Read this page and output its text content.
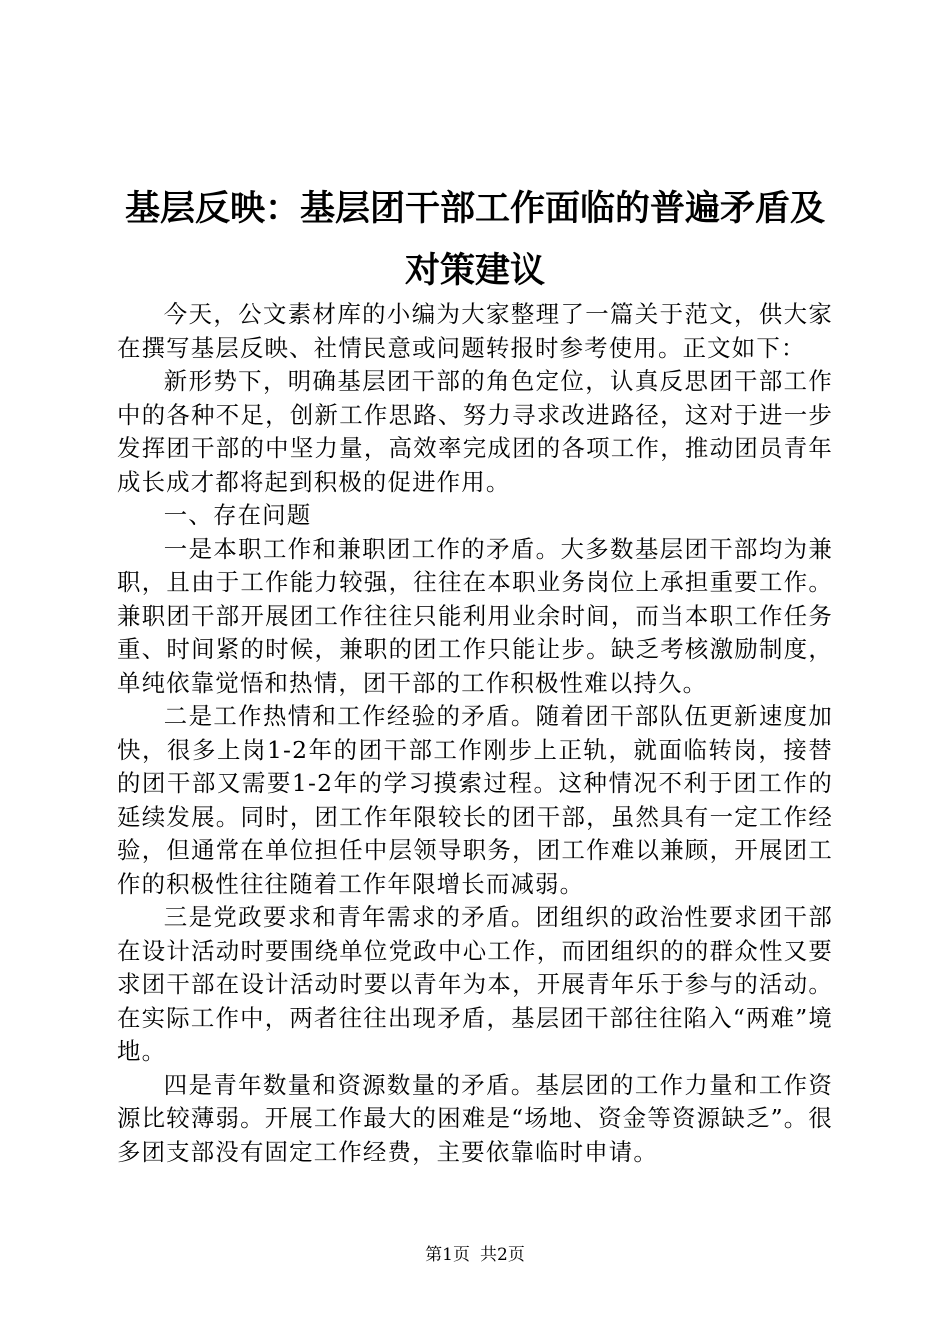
基层反映：基层团干部工作面临的普遍矛盾及对策建议

今天，公文素材库的小编为大家整理了一篇关于范文，供大家在撰写基层反映、社情民意或问题转报时参考使用。正文如下：

新形势下，明确基层团干部的角色定位，认真反思团干部工作中的各种不足，创新工作思路、努力寻求改进路径，这对于进一步发挥团干部的中坚力量，高效率完成团的各项工作，推动团员青年成长成才都将起到积极的促进作用。

一、存在问题

一是本职工作和兼职团工作的矛盾。大多数基层团干部均为兼职，且由于工作能力较强，往往在本职业务岗位上承担重要工作。兼职团干部开展团工作往往只能利用业余时间，而当本职工作任务重、时间紧的时候，兼职的团工作只能让步。缺乏考核激励制度，单纯依靠觉悟和热情，团干部的工作积极性难以持久。

二是工作热情和工作经验的矛盾。随着团干部队伍更新速度加快，很多上岗1-2年的团干部工作刚步上正轨，就面临转岗，接替的团干部又需要1-2年的学习摸索过程。这种情况不利于团工作的延续发展。同时，团工作年限较长的团干部，虽然具有一定工作经验，但通常在单位担任中层领导职务，团工作难以兼顾，开展团工作的积极性往往随着工作年限增长而减弱。

三是党政要求和青年需求的矛盾。团组织的政治性要求团干部在设计活动时要围绕单位党政中心工作，而团组织的的群众性又要求团干部在设计活动时要以青年为本，开展青年乐于参与的活动。在实际工作中，两者往往出现矛盾，基层团干部往往陷入“两难”境地。

四是青年数量和资源数量的矛盾。基层团的工作力量和工作资源比较薄弱。开展工作最大的困难是“场地、资金等资源缺乏”。很多团支部没有固定工作经费，主要依靠临时申请。

第1页 共2页
